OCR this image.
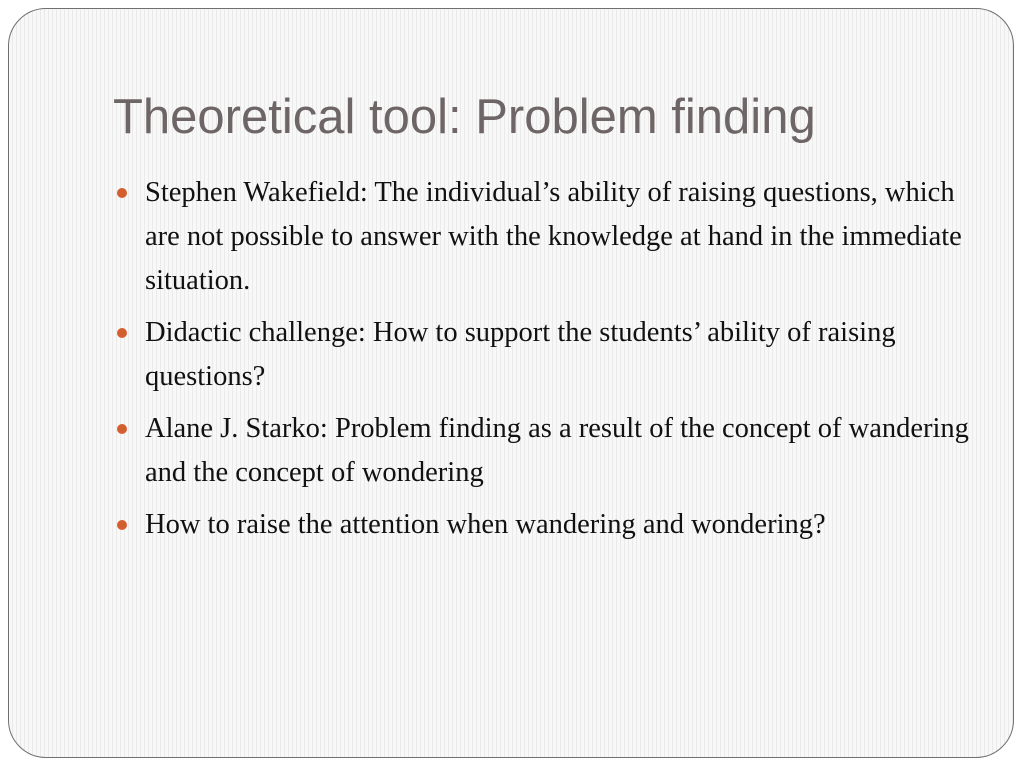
Theoretical tool: Problem finding
Stephen Wakefield: The individual’s ability of raising questions, which are not possible to answer with the knowledge at hand in the immediate situation.
Didactic challenge: How to support the students’ ability of raising questions?
Alane J. Starko: Problem finding as a result of the concept of wandering and the concept of wondering
How to raise the attention when wandering and wondering?
